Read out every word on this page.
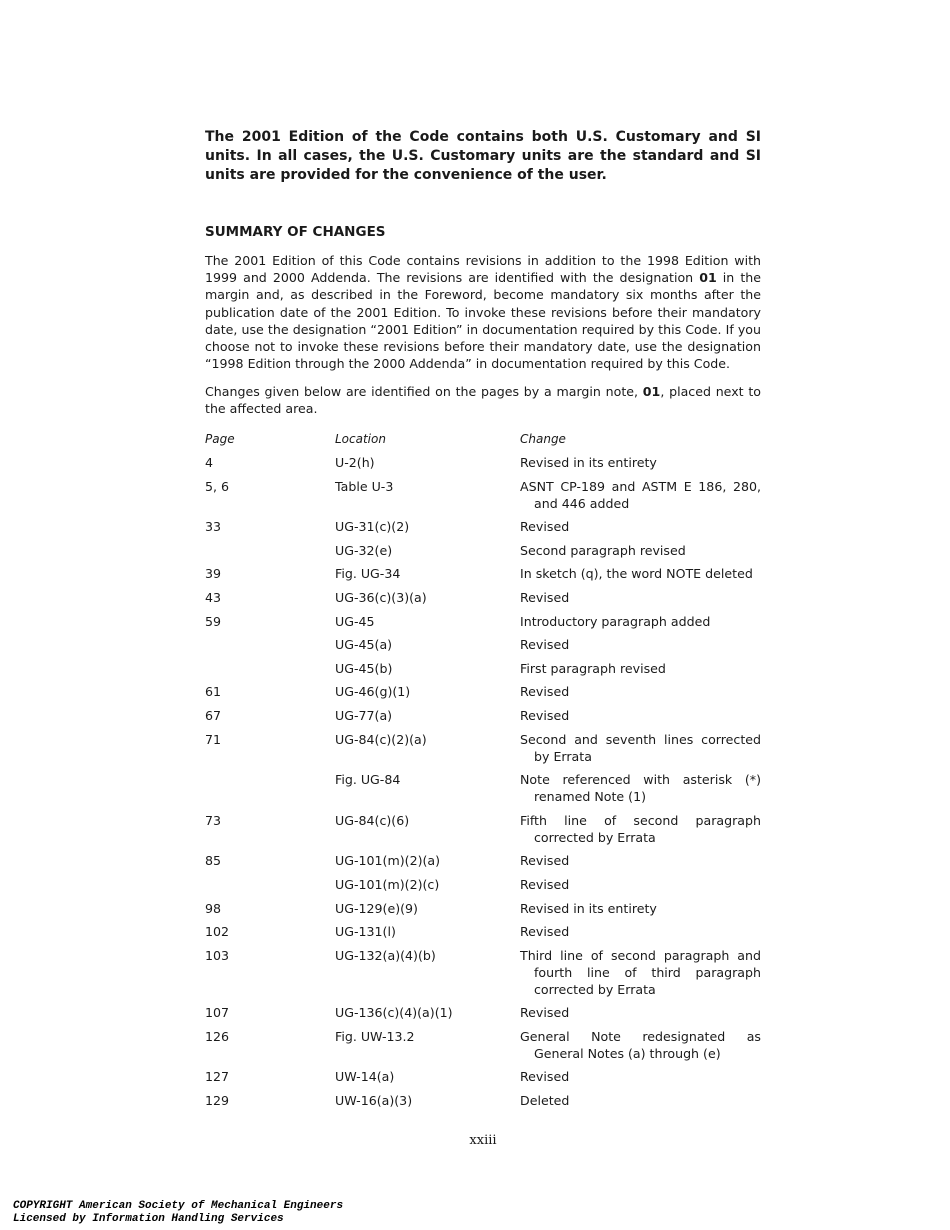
The 2001 Edition of the Code contains both U.S. Customary and SI units. In all cases, the U.S. Customary units are the standard and SI units are provided for the convenience of the user.

SUMMARY OF CHANGES

The 2001 Edition of this Code contains revisions in addition to the 1998 Edition with 1999 and 2000 Addenda. The revisions are identified with the designation 01 in the margin and, as described in the Foreword, become mandatory six months after the publication date of the 2001 Edition. To invoke these revisions before their mandatory date, use the designation “2001 Edition” in documentation required by this Code. If you choose not to invoke these revisions before their mandatory date, use the designation “1998 Edition through the 2000 Addenda” in documentation required by this Code.

Changes given below are identified on the pages by a margin note, 01, placed next to the affected area.

Page	Location	Change
4	U-2(h)	Revised in its entirety
5, 6	Table U-3	ASNT CP-189 and ASTM E 186, 280, and 446 added
33	UG-31(c)(2)	Revised
	UG-32(e)	Second paragraph revised
39	Fig. UG-34	In sketch (q), the word NOTE deleted
43	UG-36(c)(3)(a)	Revised
59	UG-45	Introductory paragraph added
	UG-45(a)	Revised
	UG-45(b)	First paragraph revised
61	UG-46(g)(1)	Revised
67	UG-77(a)	Revised
71	UG-84(c)(2)(a)	Second and seventh lines corrected by Errata
	Fig. UG-84	Note referenced with asterisk (*) renamed Note (1)
73	UG-84(c)(6)	Fifth line of second paragraph corrected by Errata
85	UG-101(m)(2)(a)	Revised
	UG-101(m)(2)(c)	Revised
98	UG-129(e)(9)	Revised in its entirety
102	UG-131(l)	Revised
103	UG-132(a)(4)(b)	Third line of second paragraph and fourth line of third paragraph corrected by Errata
107	UG-136(c)(4)(a)(1)	Revised
126	Fig. UW-13.2	General Note redesignated as General Notes (a) through (e)
127	UW-14(a)	Revised
129	UW-16(a)(3)	Deleted
xxiii
COPYRIGHT American Society of Mechanical Engineers
Licensed by Information Handling Services
